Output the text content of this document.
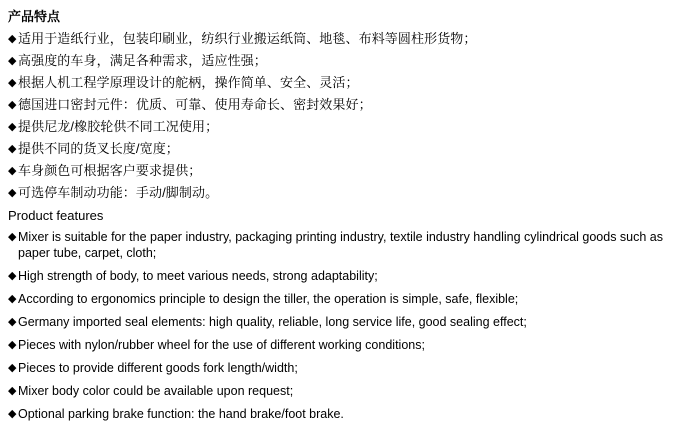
产品特点
◆ 适用于造纸行业，包装印刷业，纺织行业搬运纸筒、地毯、布料等圆柱形货物；
◆ 高强度的车身，满足各种需求，适应性强；
◆ 根据人机工程学原理设计的舵柄，操作简单、安全、灵活；
◆ 德国进口密封元件：优质、可靠、使用寿命长、密封效果好；
◆ 提供尼龙/橡胶轮供不同工况使用；
◆ 提供不同的货叉长度/宽度；
◆ 车身颜色可根据客户要求提供；
◆ 可选停车制动功能：手动/脚制动。
Product features
◆ Mixer is suitable for the paper industry, packaging printing industry, textile industry handling cylindrical goods such as paper tube, carpet, cloth;
◆ High strength of body, to meet various needs, strong adaptability;
◆ According to ergonomics principle to design the tiller, the operation is simple, safe, flexible;
◆ Germany imported seal elements: high quality, reliable, long service life, good sealing effect;
◆ Pieces with nylon/rubber wheel for the use of different working conditions;
◆ Pieces to provide different goods fork length/width;
◆ Mixer body color could be available upon request;
◆ Optional parking brake function: the hand brake/foot brake.
